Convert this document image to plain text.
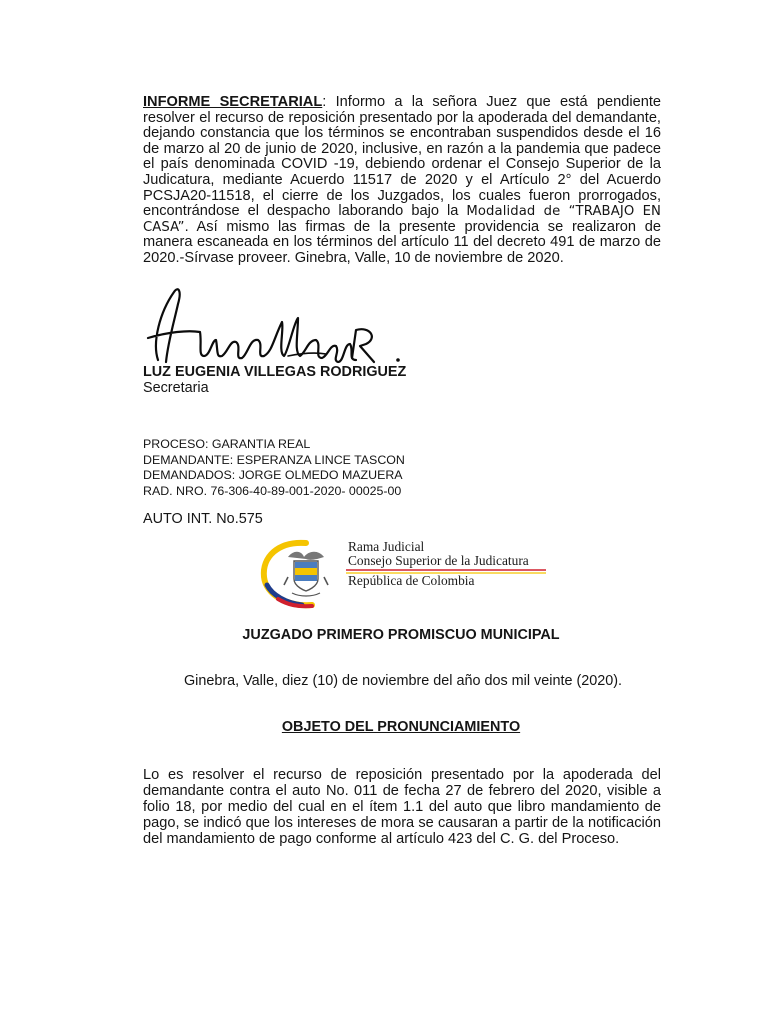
INFORME SECRETARIAL: Informo a la señora Juez que está pendiente resolver el recurso de reposición presentado por la apoderada del demandante, dejando constancia que los términos se encontraban suspendidos desde el 16 de marzo al 20 de junio de 2020, inclusive, en razón a la pandemia que padece el país denominada COVID -19, debiendo ordenar el Consejo Superior de la Judicatura, mediante Acuerdo 11517 de 2020 y el Artículo 2° del Acuerdo PCSJA20-11518, el cierre de los Juzgados, los cuales fueron prorrogados, encontrándose el despacho laborando bajo la Modalidad de “TRABAJO EN CASA”. Así mismo las firmas de la presente providencia se realizaron de manera escaneada en los términos del artículo 11 del decreto 491 de marzo de 2020.-Sírvase proveer. Ginebra, Valle, 10 de noviembre de 2020.
LUZ EUGENIA VILLEGAS RODRIGUEZ
Secretaria
PROCESO: GARANTIA REAL
DEMANDANTE: ESPERANZA LINCE TASCON
DEMANDADOS: JORGE OLMEDO MAZUERA
RAD. NRO. 76-306-40-89-001-2020- 00025-00
AUTO INT. No.575
Rama Judicial
Consejo Superior de la Judicatura
República de Colombia
JUZGADO PRIMERO PROMISCUO MUNICIPAL
Ginebra, Valle, diez (10) de noviembre del año dos mil veinte (2020).
OBJETO DEL PRONUNCIAMIENTO
Lo es resolver el recurso de reposición presentado por la apoderada del demandante contra el auto No. 011 de fecha 27 de febrero del 2020, visible a folio 18, por medio del cual en el ítem 1.1 del auto que libro mandamiento de pago, se indicó que los intereses de mora se causaran a partir de la notificación del mandamiento de pago conforme al artículo 423 del C. G. del Proceso.
